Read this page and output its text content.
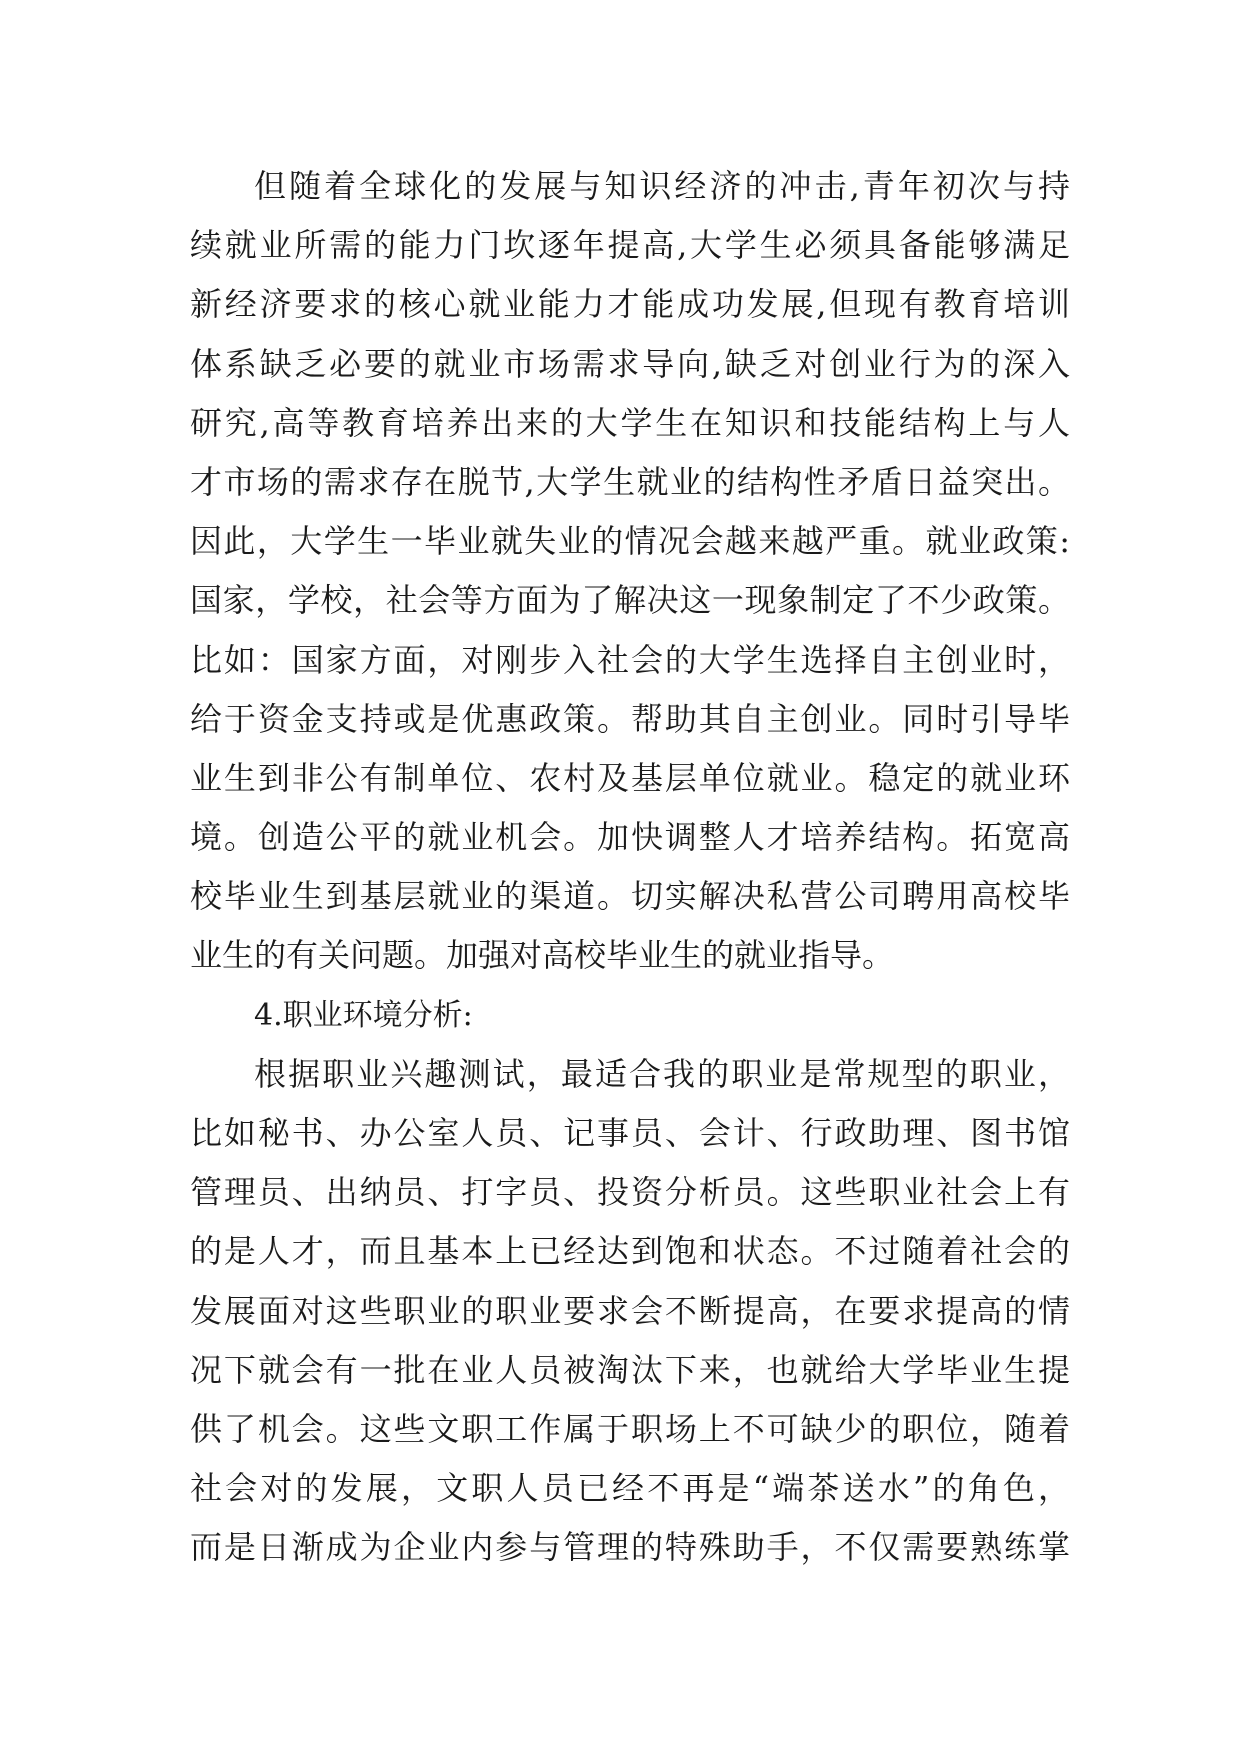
但随着全球化的发展与知识经济的冲击,青年初次与持
续就业所需的能力门坎逐年提高,大学生必须具备能够满足
新经济要求的核心就业能力才能成功发展,但现有教育培训
体系缺乏必要的就业市场需求导向,缺乏对创业行为的深入
研究,高等教育培养出来的大学生在知识和技能结构上与人
才市场的需求存在脱节,大学生就业的结构性矛盾日益突出。
因此，大学生一毕业就失业的情况会越来越严重。就业政策:
国家，学校，社会等方面为了解决这一现象制定了不少政策。
比如：国家方面，对刚步入社会的大学生选择自主创业时，
给于资金支持或是优惠政策。帮助其自主创业。同时引导毕
业生到非公有制单位、农村及基层单位就业。稳定的就业环
境。创造公平的就业机会。加快调整人才培养结构。拓宽高
校毕业生到基层就业的渠道。切实解决私营公司聘用高校毕
业生的有关问题。加强对高校毕业生的就业指导。
4.职业环境分析:
根据职业兴趣测试，最适合我的职业是常规型的职业，
比如秘书、办公室人员、记事员、会计、行政助理、图书馆
管理员、出纳员、打字员、投资分析员。这些职业社会上有
的是人才，而且基本上已经达到饱和状态。不过随着社会的
发展面对这些职业的职业要求会不断提高，在要求提高的情
况下就会有一批在业人员被淘汰下来，也就给大学毕业生提
供了机会。这些文职工作属于职场上不可缺少的职位，随着
社会对的发展，文职人员已经不再是“端茶送水”的角色，
而是日渐成为企业内参与管理的特殊助手，不仅需要熟练掌
